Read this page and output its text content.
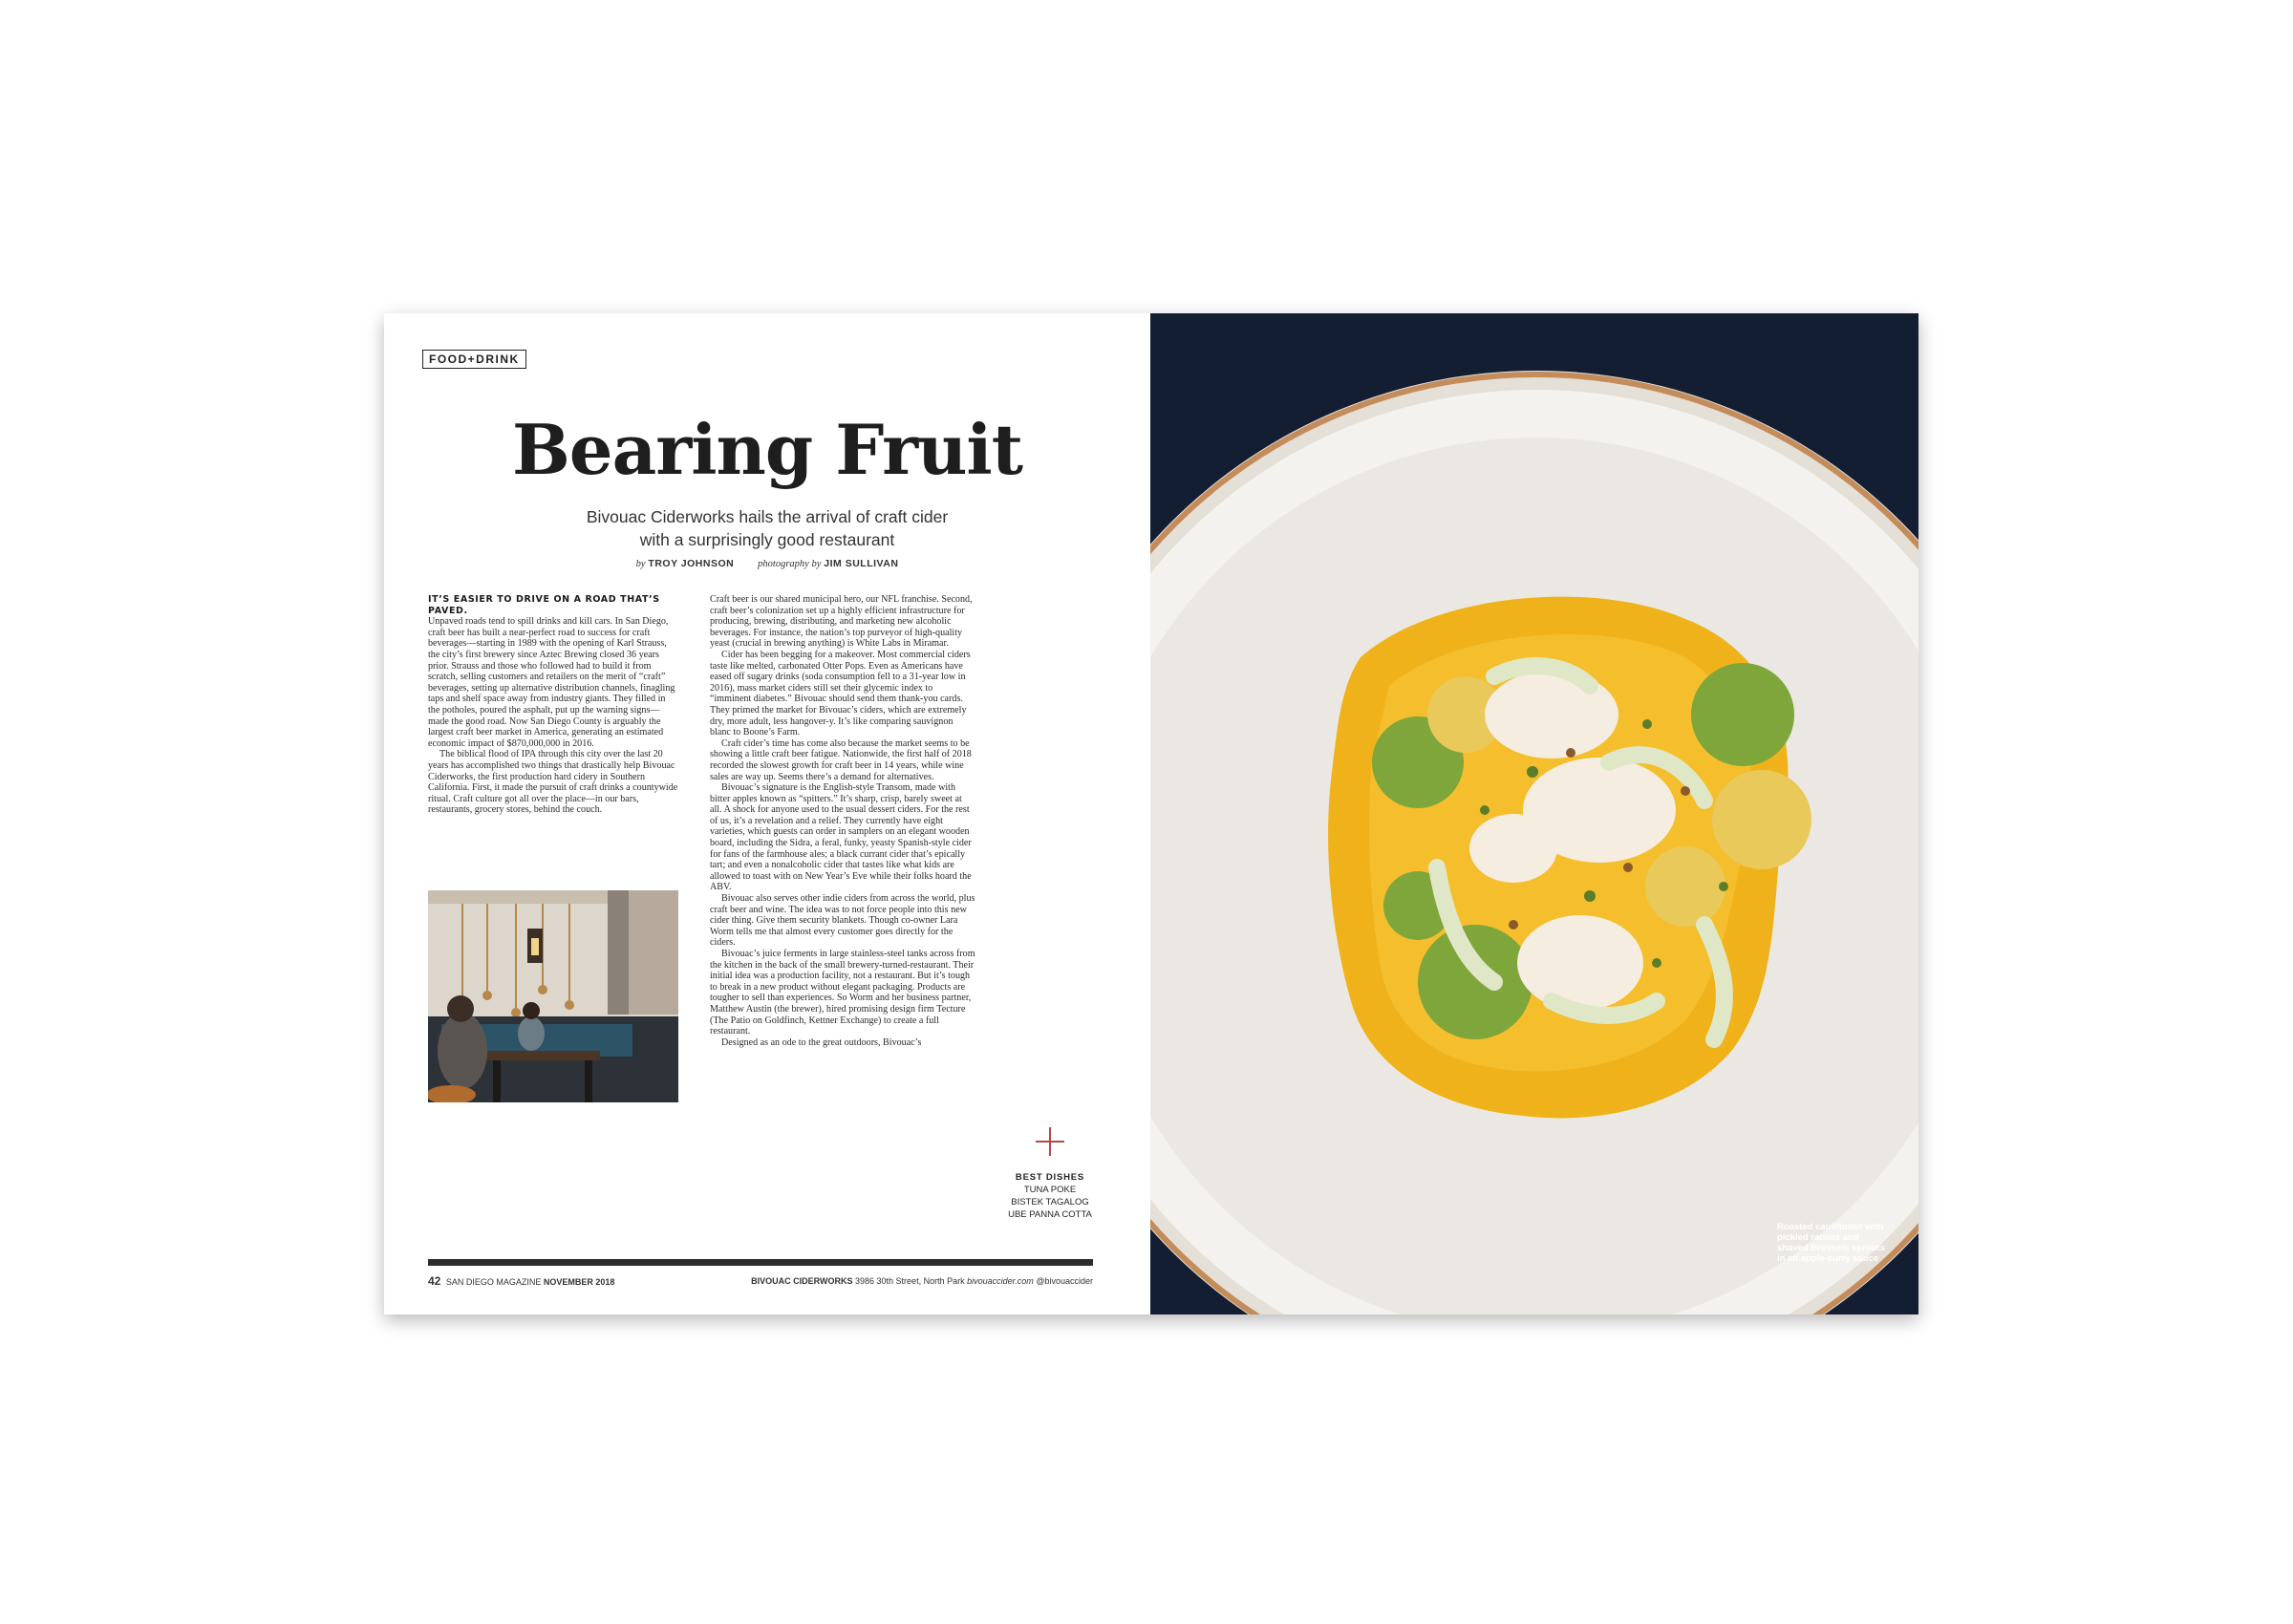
FOOD+DRINK
Bearing Fruit
Bivouac Ciderworks hails the arrival of craft cider
with a surprisingly good restaurant
by TROY JOHNSON photography by JIM SULLIVAN
IT’S EASIER TO DRIVE ON A ROAD THAT’S PAVED.

Unpaved roads tend to spill drinks and kill cars. In San Diego, craft beer has built a near-perfect road to success for craft beverages—starting in 1989 with the opening of Karl Strauss, the city’s first brewery since Aztec Brewing closed 36 years prior. Strauss and those who followed had to build it from scratch, selling customers and retailers on the merit of “craft” beverages, setting up alternative distribution channels, finagling taps and shelf space away from industry giants. They filled in the potholes, poured the asphalt, put up the warning signs—made the good road. Now San Diego County is arguably the largest craft beer market in America, generating an estimated economic impact of $870,000,000 in 2016.

The biblical flood of IPA through this city over the last 20 years has accomplished two things that drastically help Bivouac Ciderworks, the first production hard cidery in Southern California. First, it made the pursuit of craft drinks a countywide ritual. Craft culture got all over the place—in our bars, restaurants, grocery stores, behind the couch.

Craft beer is our shared municipal hero, our NFL franchise. Second, craft beer’s colonization set up a highly efficient infrastructure for producing, brewing, distributing, and marketing new alcoholic beverages. For instance, the nation’s top purveyor of high-quality yeast (crucial in brewing anything) is White Labs in Miramar.

Cider has been begging for a makeover. Most commercial ciders taste like melted, carbonated Otter Pops. Even as Americans have eased off sugary drinks (soda consumption fell to a 31-year low in 2016), mass market ciders still set their glycemic index to “imminent diabetes.” Bivouac should send them thank-you cards. They primed the market for Bivouac’s ciders, which are extremely dry, more adult, less hangover-y. It’s like comparing sauvignon blanc to Boone’s Farm.

Craft cider’s time has come also because the market seems to be showing a little craft beer fatigue. Nationwide, the first half of 2018 recorded the slowest growth for craft beer in 14 years, while wine sales are way up. Seems there’s a demand for alternatives.

Bivouac’s signature is the English-style Transom, made with bitter apples known as “spitters.” It’s sharp, crisp, barely sweet at all. A shock for anyone used to the usual dessert ciders. For the rest of us, it’s a revelation and a relief. They currently have eight varieties, which guests can order in samplers on an elegant wooden board, including the Sidra, a feral, funky, yeasty Spanish-style cider for fans of the farmhouse ales; a black currant cider that’s epically tart; and even a nonalcoholic cider that tastes like what kids are allowed to toast with on New Year’s Eve while their folks hoard the ABV.

Bivouac also serves other indie ciders from across the world, plus craft beer and wine. The idea was to not force people into this new cider thing. Give them security blankets. Though co-owner Lara Worm tells me that almost every customer goes directly for the ciders.

Bivouac’s juice ferments in large stainless-steel tanks across from the kitchen in the back of the small brewery-turned-restaurant. Their initial idea was a production facility, not a restaurant. But it’s tough to break in a new product without elegant packaging. Products are tougher to sell than experiences. So Worm and her business partner, Matthew Austin (the brewer), hired promising design firm Tecture (The Patio on Goldfinch, Kettner Exchange) to create a full restaurant.

Designed as an ode to the great outdoors, Bivouac’s

BEST DISHES
TUNA POKE
BISTEK TAGALOG
UBE PANNA COTTA
42 SAN DIEGO MAGAZINE NOVEMBER 2018	BIVOUAC CIDERWORKS 3986 30th Street, North Park bivouaccider.com @bivouaccider
Roasted cauliflower with pickled raisins and shaved Brussels sprouts in an apple-curry sauce
